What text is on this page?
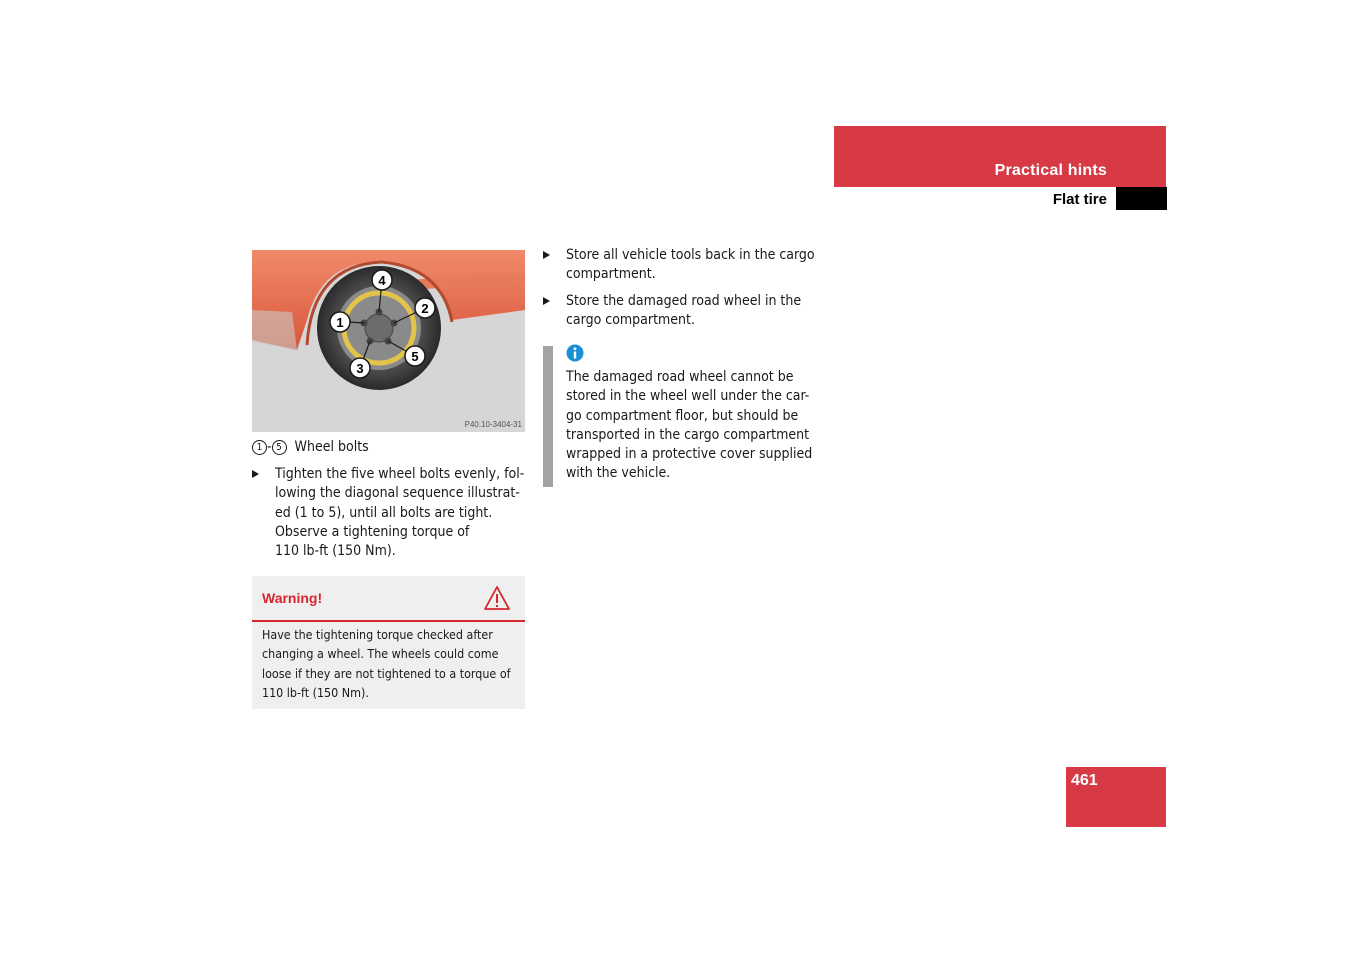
Practical hints
Flat tire
4
2
1
5
3
P40.10-3404-31
1 - 5 Wheel bolts
Tighten the five wheel bolts evenly, fol-
lowing the diagonal sequence illustrat-
ed (1 to 5), until all bolts are tight.
Observe a tightening torque of
110 lb-ft (150 Nm).
Warning!
Have the tightening torque checked after
changing a wheel. The wheels could come
loose if they are not tightened to a torque of
110 lb-ft (150 Nm).
Store all vehicle tools back in the cargo
compartment.
Store the damaged road wheel in the
cargo compartment.
The damaged road wheel cannot be
stored in the wheel well under the car-
go compartment floor, but should be
transported in the cargo compartment
wrapped in a protective cover supplied
with the vehicle.
461
